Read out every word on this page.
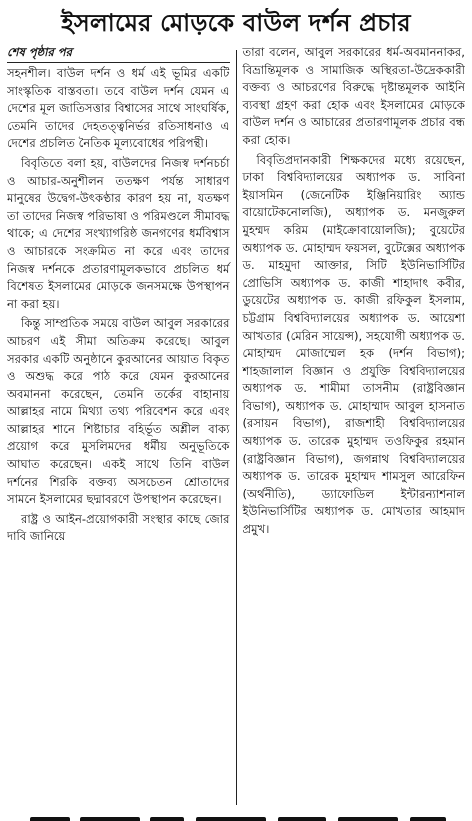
ইসলামের মোড়কে বাউল দর্শন প্রচার
শেষ পৃষ্ঠার পর

সহনশীল। বাউল দর্শন ও ধর্ম এই ভূমির একটি সাংস্কৃতিক বাস্তবতা। তবে বাউল দর্শন যেমন এ দেশের মূল জাতিসত্তার বিশ্বাসের সাথে সাংঘর্ষিক, তেমনি তাদের দেহতত্ত্বনির্ভর রতিসাধনাও এ দেশের প্রচলিত নৈতিক মূল্যবোধের পরিপন্থী।

বিবৃতিতে বলা হয়, বাউলদের নিজস্ব দর্শনচর্চা ও আচার-অনুশীলন ততক্ষণ পর্যন্ত সাধারণ মানুষের উদ্বেগ-উৎকণ্ঠার কারণ হয় না, যতক্ষণ তা তাদের নিজস্ব পরিভাষা ও পরিমণ্ডলে সীমাবদ্ধ থাকে; এ দেশের সংখ্যাগরিষ্ঠ জনগণের ধর্মবিশ্বাস ও আচারকে সংক্রমিত না করে এবং তাদের নিজস্ব দর্শনকে প্রতারণামূলকভাবে প্রচলিত ধর্ম বিশেষত ইসলামের মোড়কে জনসমক্ষে উপস্থাপন না করা হয়।

কিন্তু সাম্প্রতিক সময়ে বাউল আবুল সরকারের আচরণ এই সীমা অতিক্রম করেছে। আবুল সরকার একটি অনুষ্ঠানে কুরআনের আয়াত বিকৃত ও অশুদ্ধ করে পাঠ করে যেমন কুরআনের অবমাননা করেছেন, তেমনি তর্কের বাহানায় আল্লাহর নামে মিথ্যা তথ্য পরিবেশন করে এবং আল্লাহর শানে শিষ্টাচার বহির্ভূত অশ্লীল বাক্য প্রয়োগ করে মুসলিমদের ধর্মীয় অনুভূতিকে আঘাত করেছেন। একই সাথে তিনি বাউল দর্শনের শিরকি বক্তব্য অসচেতন শ্রোতাদের সামনে ইসলামের ছদ্মাবরণে উপস্থাপন করেছেন।

রাষ্ট্র ও আইন-প্রয়োগকারী সংস্থার কাছে জোর দাবি জানিয়ে

তারা বলেন, আবুল সরকারের ধর্ম-অবমাননাকর, বিভ্রান্তিমূলক ও সামাজিক অস্থিরতা-উদ্রেককারী বক্তব্য ও আচরণের বিরুদ্ধে দৃষ্টান্তমূলক আইনি ব্যবস্থা গ্রহণ করা হোক এবং ইসলামের মোড়কে বাউল দর্শন ও আচারের প্রতারণামূলক প্রচার বন্ধ করা হোক।

বিবৃতিপ্রদানকারী শিক্ষকদের মধ্যে রয়েছেন, ঢাকা বিশ্ববিদ্যালয়ের অধ্যাপক ড. সাবিনা ইয়াসমিন (জেনেটিক ইঞ্জিনিয়ারিং অ্যান্ড বায়োটেকনোলজি), অধ্যাপক ড. মনজুরুল মুহম্মদ করিম (মাইক্রোবায়োলজি); বুয়েটের অধ্যাপক ড. মোহাম্মদ ফয়সল, বুটেক্সের অধ্যাপক ড. মাহমুদা আক্তার, সিটি ইউনিভার্সিটির প্রোভিসি অধ্যাপক ড. কাজী শাহাদাৎ কবীর, ডুয়েটের অধ্যাপক ড. কাজী রফিকুল ইসলাম, চট্টগ্রাম বিশ্ববিদ্যালয়ের অধ্যাপক ড. আয়েশা আখতার (মেরিন সায়েন্স), সহযোগী অধ্যাপক ড. মোহাম্মদ মোজাম্মেল হক (দর্শন বিভাগ); শাহজালাল বিজ্ঞান ও প্রযুক্তি বিশ্ববিদ্যালয়ের অধ্যাপক ড. শামীমা তাসনীম (রাষ্ট্রবিজ্ঞান বিভাগ), অধ্যাপক ড. মোহাম্মাদ আবুল হাসনাত (রসায়ন বিভাগ), রাজশাহী বিশ্ববিদ্যালয়ের অধ্যাপক ড. তারেক মুহাম্মদ তওফিকুর রহমান (রাষ্ট্রবিজ্ঞান বিভাগ), জগন্নাথ বিশ্ববিদ্যালয়ের অধ্যাপক ড. তারেক মুহাম্মদ শামসুল আরেফিন (অর্থনীতি), ড্যাফোডিল ইন্টারন্যাশনাল ইউনিভার্সিটির অধ্যাপক ড. মোখতার আহমাদ প্রমুখ।
